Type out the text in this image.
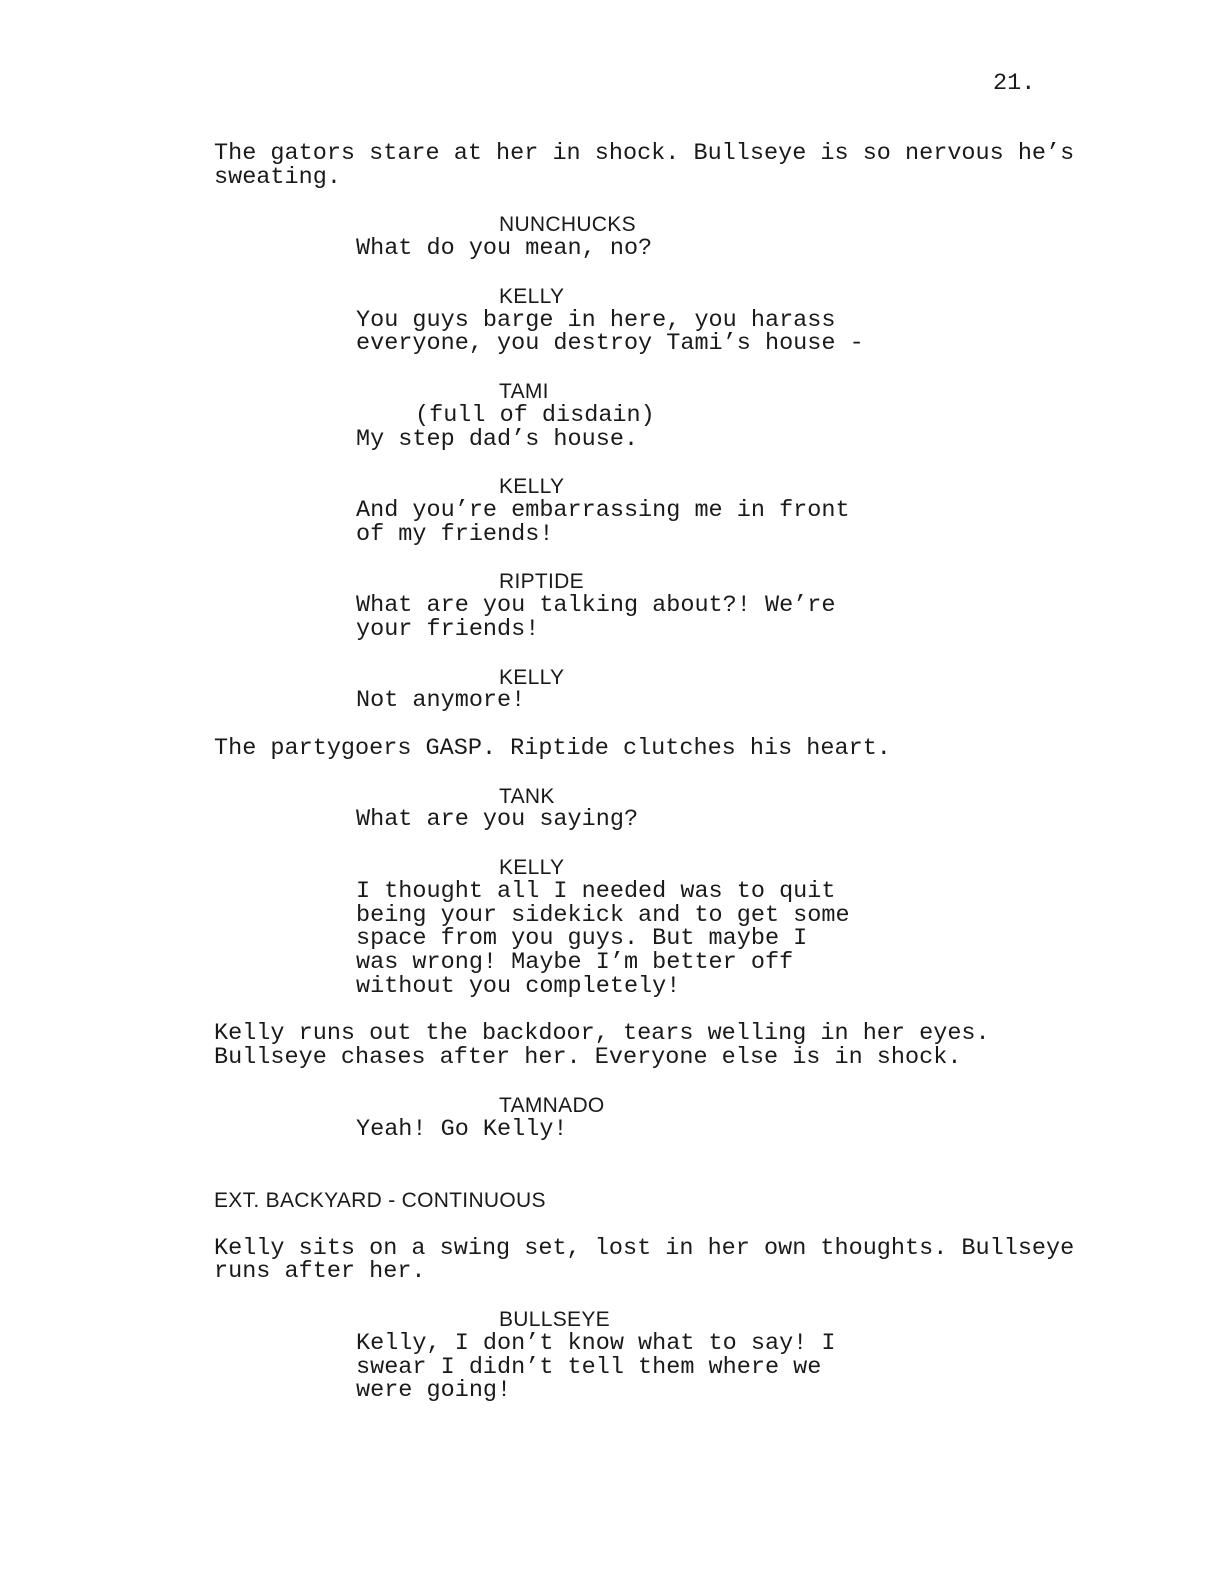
21.
The gators stare at her in shock. Bullseye is so nervous he’s
sweating.
NUNCHUCKS
What do you mean, no?
KELLY
You guys barge in here, you harass
everyone, you destroy Tami’s house -
TAMI
(full of disdain)
My step dad’s house.
KELLY
And you’re embarrassing me in front
of my friends!
RIPTIDE
What are you talking about?! We’re
your friends!
KELLY
Not anymore!
The partygoers GASP. Riptide clutches his heart.
TANK
What are you saying?
KELLY
I thought all I needed was to quit
being your sidekick and to get some
space from you guys. But maybe I
was wrong! Maybe I’m better off
without you completely!
Kelly runs out the backdoor, tears welling in her eyes.
Bullseye chases after her. Everyone else is in shock.
TAMNADO
Yeah! Go Kelly!
EXT. BACKYARD - CONTINUOUS
Kelly sits on a swing set, lost in her own thoughts. Bullseye
runs after her.
BULLSEYE
Kelly, I don’t know what to say! I
swear I didn’t tell them where we
were going!
